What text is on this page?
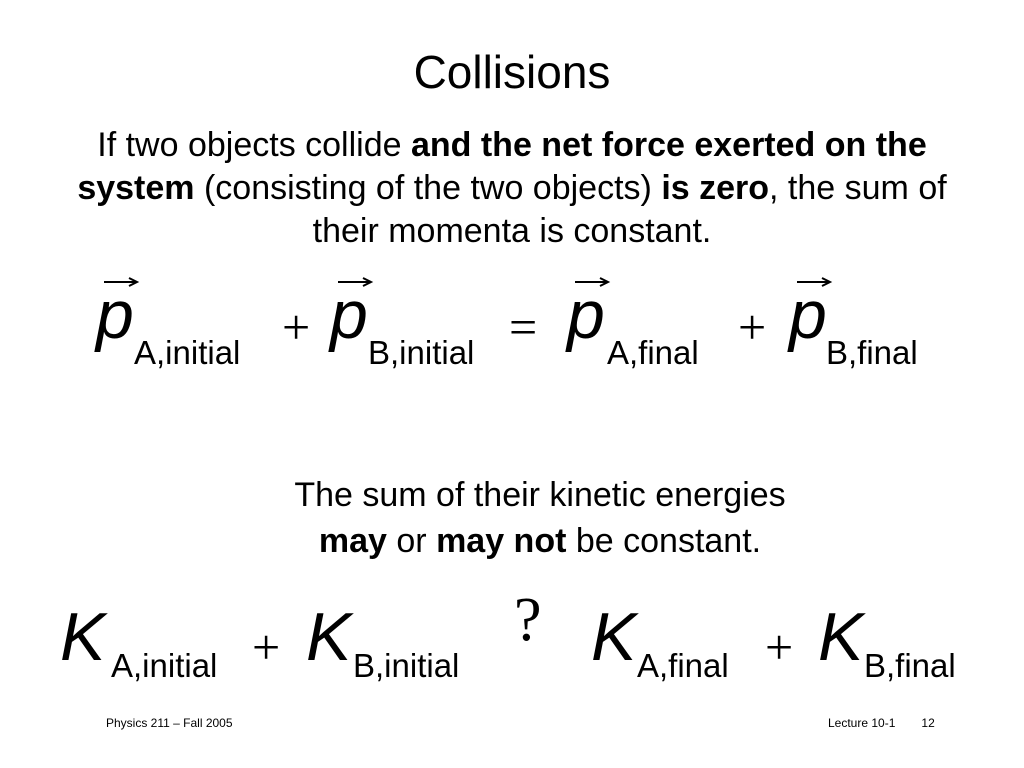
Collisions
If two objects collide and the net force exerted on the system (consisting of the two objects) is zero, the sum of their momenta is constant.
p A,initial + p B,initial = p A,final + p B,final
The sum of their kinetic energies
may or may not be constant.
K A,initial + K B,initial
? K A,final + K B,final
Physics 211 – Fall 2005	Lecture 10-1 12
